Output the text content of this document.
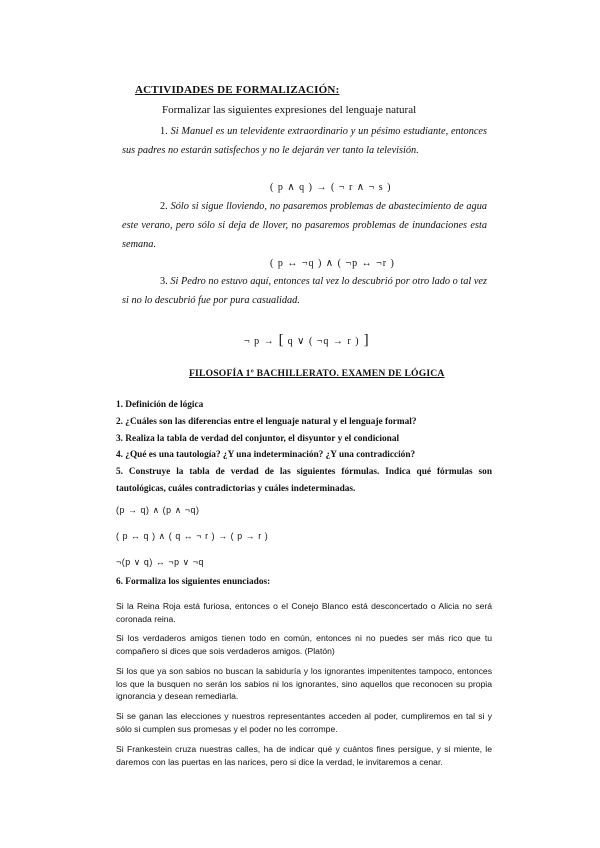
ACTIVIDADES DE FORMALIZACIÓN:
Formalizar las siguientes expresiones del lenguaje natural
1. Si Manuel es un televidente extraordinario y un pésimo estudiante, entonces sus padres no estarán satisfechos y no le dejarán ver tanto la televisión.
( p ∧ q ) → ( ¬ r ∧ ¬ s )
2. Sólo si sigue lloviendo, no pasaremos problemas de abastecimiento de agua este verano, pero sólo si deja de llover, no pasaremos problemas de inundaciones esta semana.
( p ↔ ¬q ) ∧ ( ¬p ↔ ¬r )
3. Si Pedro no estuvo aquí, entonces tal vez lo descubrió por otro lado o tal vez si no lo descubrió fue por pura casualidad.
¬ p → [ q ∨ ( ¬q → r ) ]
FILOSOFÍA 1º BACHILLERATO. EXAMEN DE LÓGICA
1. Definición de lógica
2. ¿Cuáles son las diferencias entre el lenguaje natural y el lenguaje formal?
3. Realiza la tabla de verdad del conjuntor, el disyuntor y el condicional
4. ¿Qué es una tautología? ¿Y una indeterminación? ¿Y una contradicción?
5. Construye la tabla de verdad de las siguientes fórmulas. Indica qué fórmulas son tautológicas, cuáles contradictorias y cuáles indeterminadas.
(p → q) ∧ (p ∧ ¬q)
( p ↔ q ) ∧ ( q ↔ ¬ r ) → ( p → r )
¬(p ∨ q) ↔ ¬p ∨ ¬q
6. Formaliza los siguientes enunciados:
Si la Reina Roja está furiosa, entonces o el Conejo Blanco está desconcertado o Alicia no será coronada reina.
Si los verdaderos amigos tienen todo en común, entonces ni no puedes ser más rico que tu compañero si dices que sois verdaderos amigos. (Platón)
Si los que ya son sabios no buscan la sabiduría y los ignorantes impenitentes tampoco, entonces los que la busquen no serán los sabios ni los ignorantes, sino aquellos que reconocen su propia ignorancia y desean remediarla.
Si se ganan las elecciones y nuestros representantes acceden al poder, cumpliremos en tal si y sólo si cumplen sus promesas y el poder no les corrompe.
Si Frankestein cruza nuestras calles, ha de indicar qué y cuántos fines persigue, y si miente, le daremos con las puertas en las narices, pero si dice la verdad, le invitaremos a cenar.
